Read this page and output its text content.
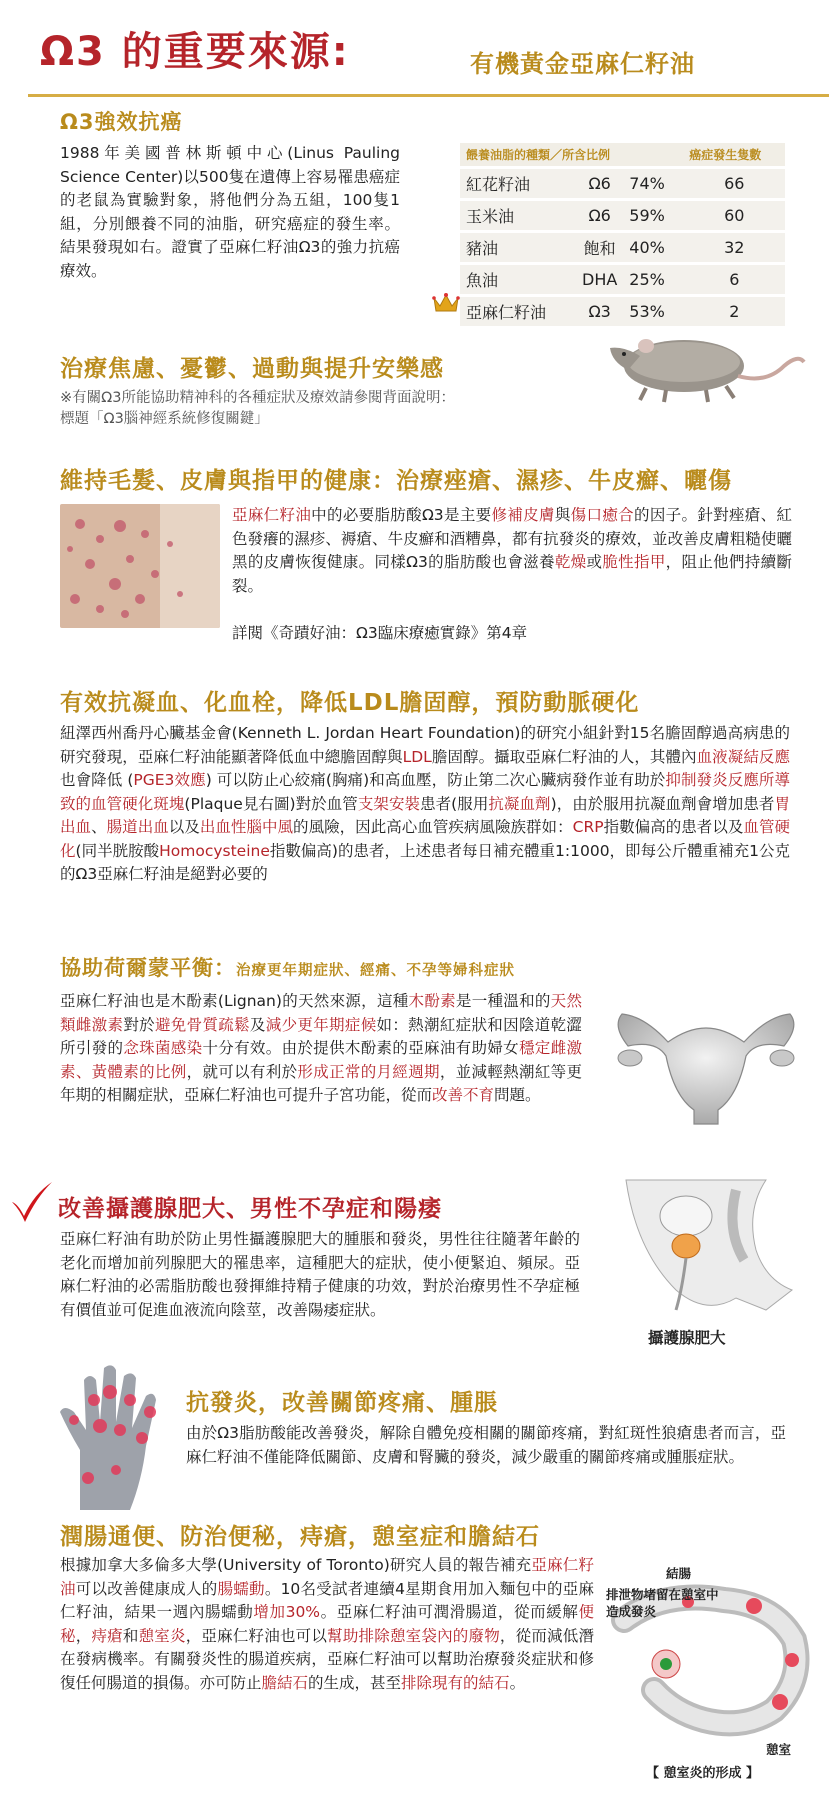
Ω3 的重要來源:	有機黃金亞麻仁籽油
Ω3強效抗癌
1988年美國普林斯頓中心(Linus Pauling Science Center)以500隻在遺傳上容易罹患癌症的老鼠為實驗對象，將他們分為五組，100隻1組，分別餵養不同的油脂，研究癌症的發生率。結果發現如右。證實了亞麻仁籽油Ω3的強力抗癌療效。
餵養油脂的種類／所含比例			癌症發生隻數
紅花籽油	Ω6	74%	66
玉米油	Ω6	59%	60
豬油	飽和	40%	32
魚油	DHA	25%	6
亞麻仁籽油	Ω3	53%	2
治療焦慮、憂鬱、過動與提升安樂感
※有關Ω3所能協助精神科的各種症狀及療效請參閱背面說明：
標題「Ω3腦神經系統修復關鍵」
維持毛髮、皮膚與指甲的健康：治療痤瘡、濕疹、牛皮癬、曬傷
亞麻仁籽油中的必要脂肪酸Ω3是主要修補皮膚與傷口癒合的因子。針對痤瘡、紅色發癢的濕疹、褥瘡、牛皮癬和酒糟鼻，都有抗發炎的療效，並改善皮膚粗糙使曬黑的皮膚恢復健康。同樣Ω3的脂肪酸也會滋養乾燥或脆性指甲，阻止他們持續斷裂。
詳閱《奇蹟好油：Ω3臨床療癒實錄》第4章
有效抗凝血、化血栓，降低LDL膽固醇，預防動脈硬化
紐澤西州喬丹心臟基金會(Kenneth L. Jordan Heart Foundation)的研究小組針對15名膽固醇過高病患的研究發現，亞麻仁籽油能顯著降低血中總膽固醇與LDL膽固醇。攝取亞麻仁籽油的人，其體內血液凝結反應也會降低 (PGE3效應) 可以防止心絞痛(胸痛)和高血壓，防止第二次心臟病發作並有助於抑制發炎反應所導致的血管硬化斑塊(Plaque見右圖)對於血管支架安裝患者(服用抗凝血劑)，由於服用抗凝血劑會增加患者胃出血、腸道出血以及出血性腦中風的風險，因此高心血管疾病風險族群如：CRP指數偏高的患者以及血管硬化(同半胱胺酸Homocysteine指數偏高)的患者，上述患者每日補充體重1:1000，即每公斤體重補充1公克的Ω3亞麻仁籽油是絕對必要的
協助荷爾蒙平衡：治療更年期症狀、經痛、不孕等婦科症狀
亞麻仁籽油也是木酚素(Lignan)的天然來源，這種木酚素是一種溫和的天然類雌激素對於避免骨質疏鬆及減少更年期症候如：熱潮紅症狀和因陰道乾澀所引發的念珠菌感染十分有效。由於提供木酚素的亞麻油有助婦女穩定雌激素、黃體素的比例，就可以有利於形成正常的月經週期，並減輕熱潮紅等更年期的相關症狀，亞麻仁籽油也可提升子宮功能，從而改善不育問題。
改善攝護腺肥大、男性不孕症和陽痿
亞麻仁籽油有助於防止男性攝護腺肥大的腫脹和發炎，男性往往隨著年齡的老化而增加前列腺肥大的罹患率，這種肥大的症狀，使小便緊迫、頻尿。亞麻仁籽油的必需脂肪酸也發揮維持精子健康的功效，對於治療男性不孕症極有價值並可促進血液流向陰莖，改善陽痿症狀。
攝護腺肥大
抗發炎，改善關節疼痛、腫脹
由於Ω3脂肪酸能改善發炎，解除自體免疫相關的關節疼痛，對紅斑性狼瘡患者而言，亞麻仁籽油不僅能降低關節、皮膚和腎臟的發炎，減少嚴重的關節疼痛或腫脹症狀。
潤腸通便、防治便秘，痔瘡，憩室症和膽結石
根據加拿大多倫多大學(University of Toronto)研究人員的報告補充亞麻仁籽油可以改善健康成人的腸蠕動。10名受試者連續4星期食用加入麵包中的亞麻仁籽油，結果一週內腸蠕動增加30%。亞麻仁籽油可潤滑腸道，從而緩解便秘，痔瘡和憩室炎，亞麻仁籽油也可以幫助排除憩室袋內的廢物，從而減低潛在發病機率。有關發炎性的腸道疾病，亞麻仁籽油可以幫助治療發炎症狀和修復任何腸道的損傷。亦可防止膽結石的生成，甚至排除現有的結石。
結腸
排泄物堵留在憩室中造成發炎
憩室
【 憩室炎的形成 】
